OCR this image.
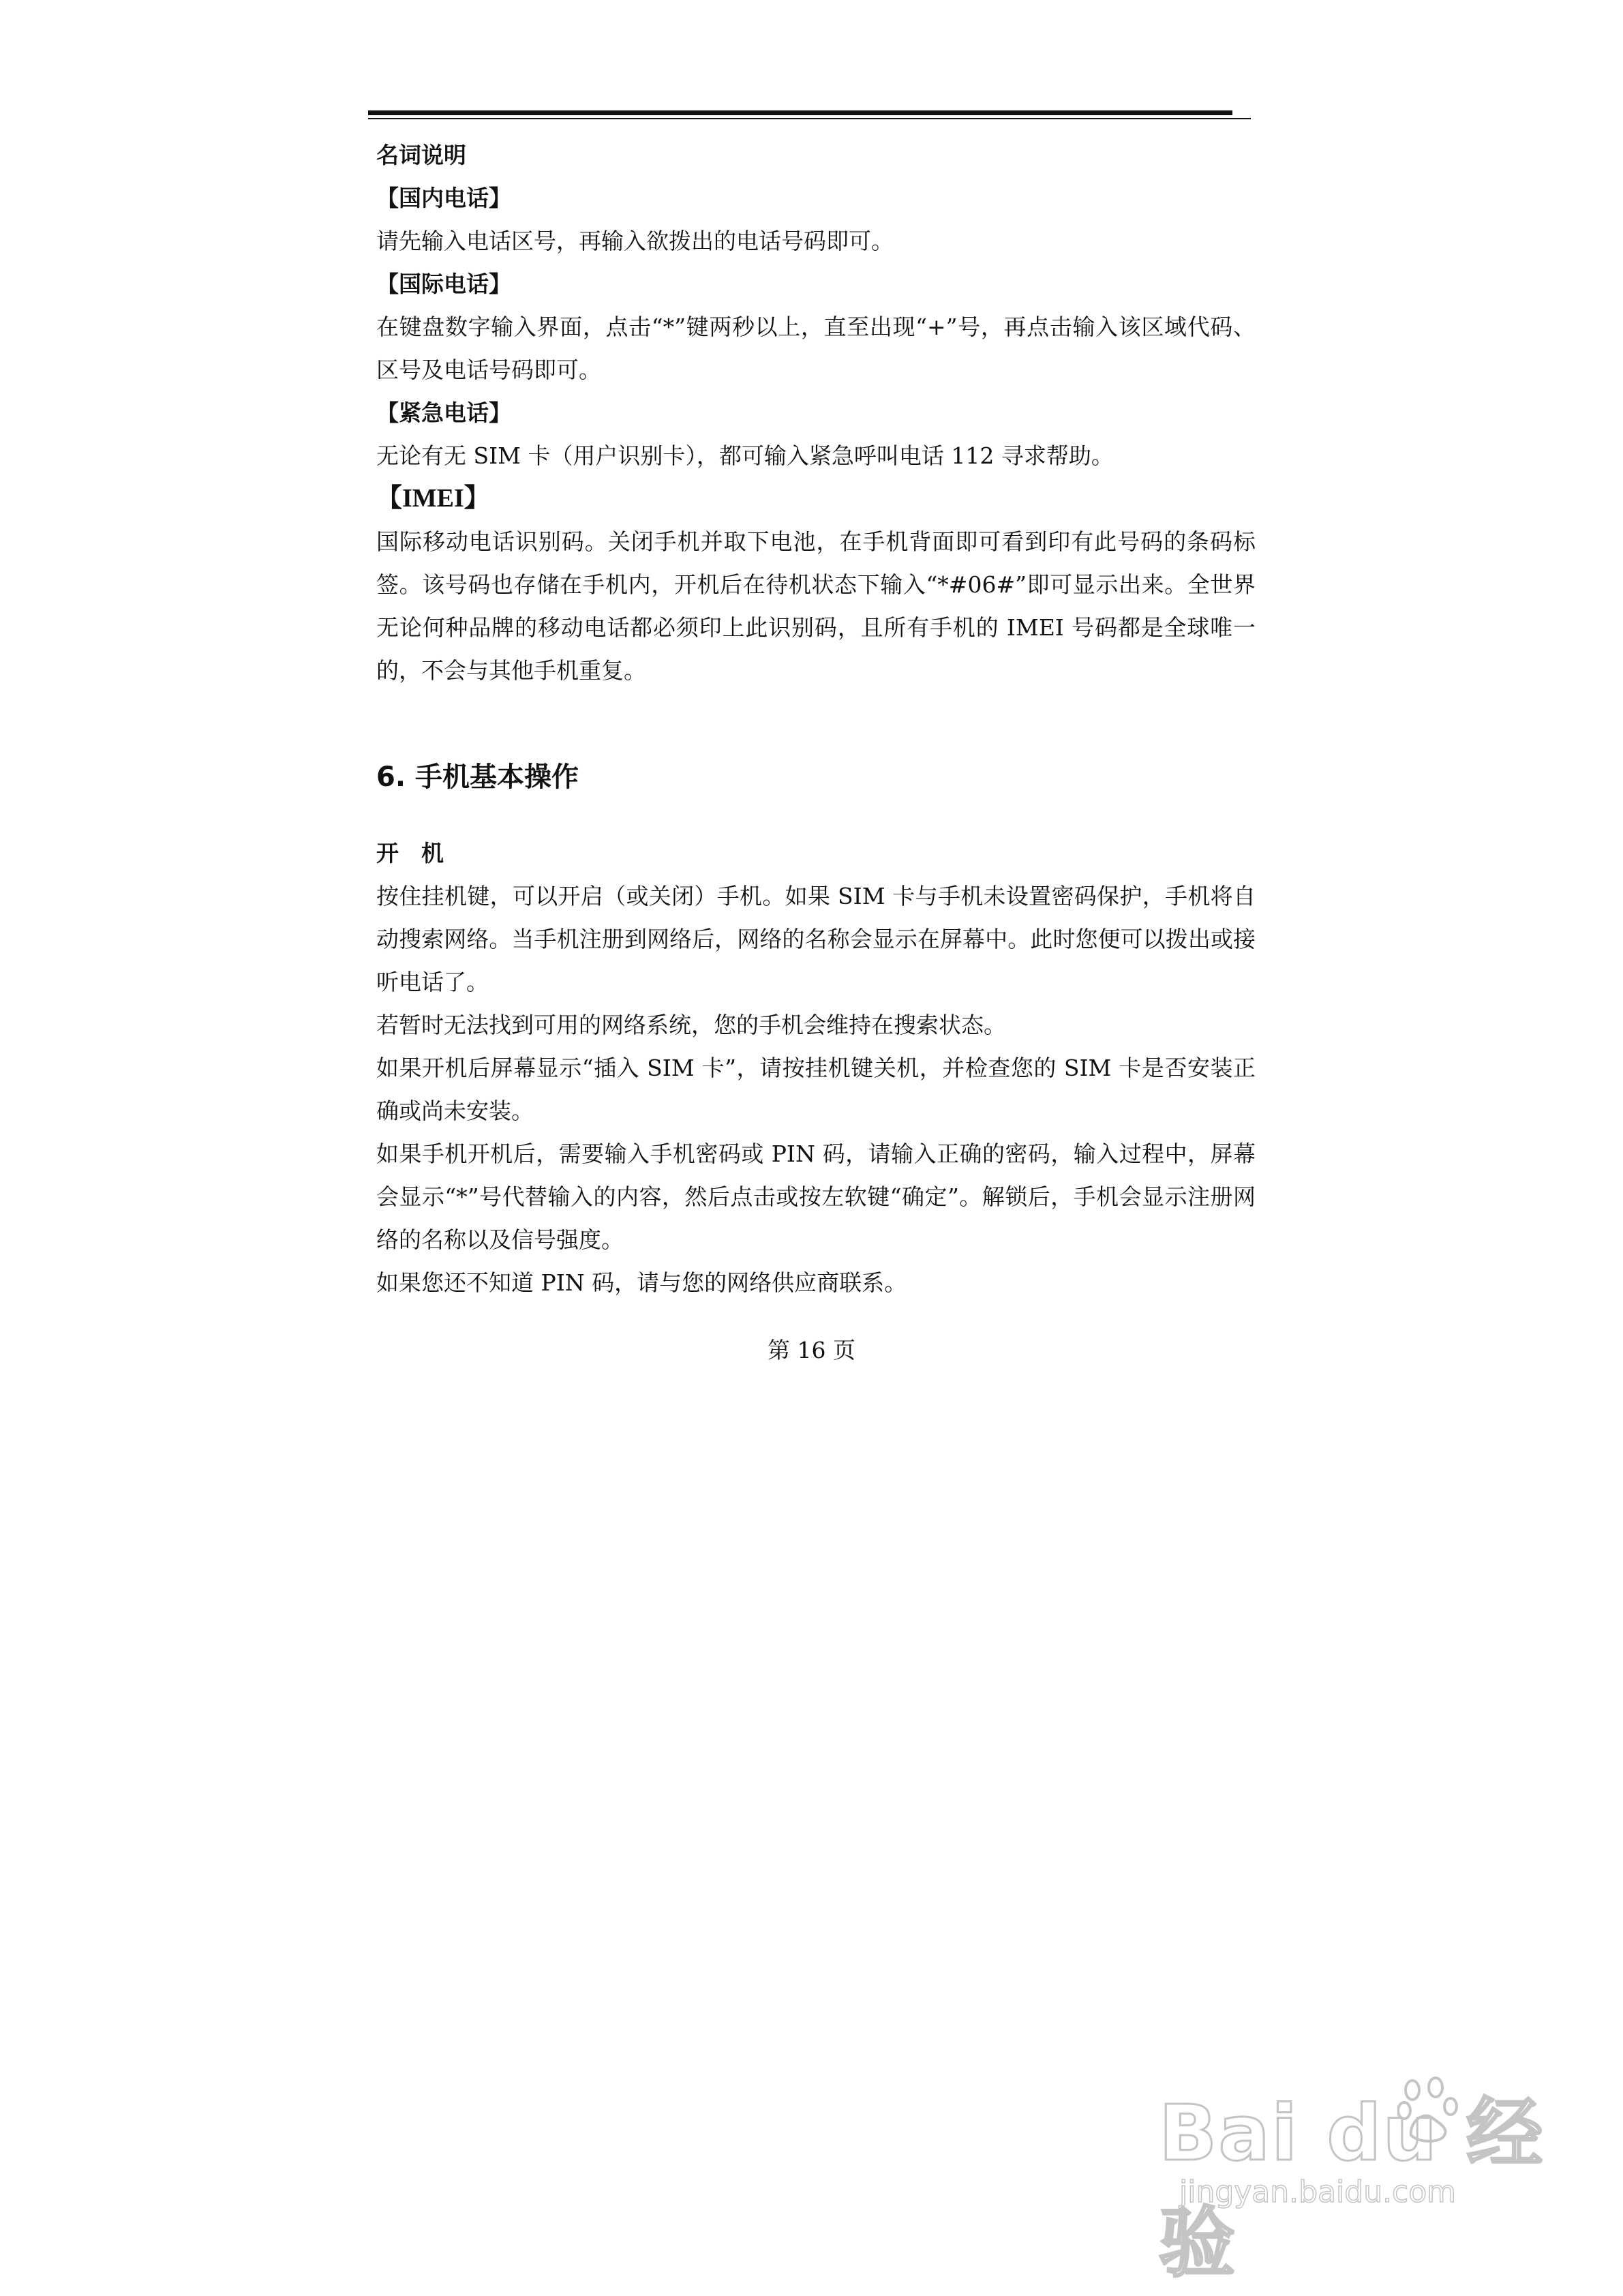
名词说明

【国内电话】

请先输入电话区号，再输入欲拨出的电话号码即可。

【国际电话】

在键盘数字输入界面，点击“*”键两秒以上，直至出现“+”号，再点击输入该区域代码、区号及电话号码即可。

【紧急电话】

无论有无 SIM 卡（用户识别卡），都可输入紧急呼叫电话 112 寻求帮助。

【IMEI】

国际移动电话识别码。关闭手机并取下电池，在手机背面即可看到印有此号码的条码标签。该号码也存储在手机内，开机后在待机状态下输入“*#06#”即可显示出来。全世界无论何种品牌的移动电话都必须印上此识别码，且所有手机的 IMEI 号码都是全球唯一的，不会与其他手机重复。

6. 手机基本操作

开　机

按住挂机键，可以开启（或关闭）手机。如果 SIM 卡与手机未设置密码保护，手机将自动搜索网络。当手机注册到网络后，网络的名称会显示在屏幕中。此时您便可以拨出或接听电话了。

若暂时无法找到可用的网络系统，您的手机会维持在搜索状态。

如果开机后屏幕显示“插入 SIM 卡”，请按挂机键关机，并检查您的 SIM 卡是否安装正确或尚未安装。

如果手机开机后，需要输入手机密码或 PIN 码，请输入正确的密码，输入过程中，屏幕会显示“*”号代替输入的内容，然后点击或按左软键“确定”。解锁后，手机会显示注册网络的名称以及信号强度。

如果您还不知道 PIN 码，请与您的网络供应商联系。

第 16 页
Bai du 经验
jingyan.baidu.com
